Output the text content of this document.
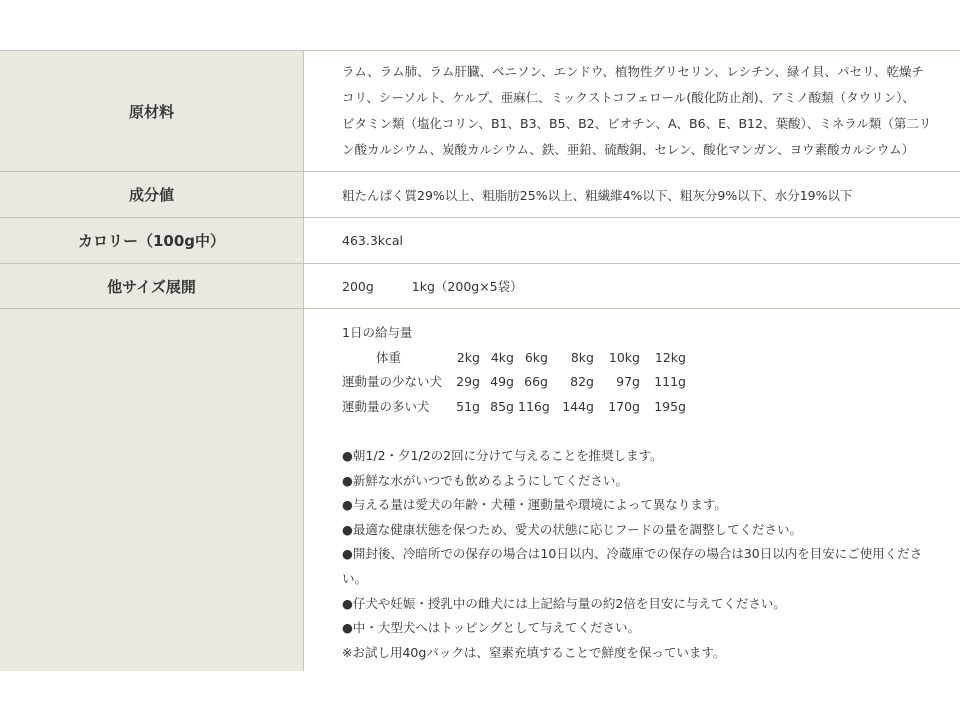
原材料
ラム、ラム肺、ラム肝臓、ベニソン、エンドウ、植物性グリセリン、レシチン、緑イ貝、パセリ、乾燥チ
コリ、シーソルト、ケルプ、亜麻仁、ミックストコフェロール(酸化防止剤)、アミノ酸類（タウリン）、
ビタミン類（塩化コリン、B1、B3、B5、B2、ビオチン、A、B6、E、B12、葉酸）、ミネラル類（第二リ
ン酸カルシウム、炭酸カルシウム、鉄、亜鉛、硫酸銅、セレン、酸化マンガン、ヨウ素酸カルシウム）
成分値	粗たんぱく質29%以上、粗脂肪25%以上、粗繊維4%以下、粗灰分9%以下、水分19%以下
カロリー（100g中）	463.3kcal
他サイズ展開	200g	1kg（200g×5袋）
1日の給与量
体重	2kg 4kg 6kg	8kg	10kg	12kg
運動量の少ない犬	29g 49g 66g	82g	97g	111g
運動量の多い犬	51g 85g 116g 144g	170g	195g
●朝1/2・夕1/2の2回に分けて与えることを推奨します。
●新鮮な水がいつでも飲めるようにしてください。
●与える量は愛犬の年齢・犬種・運動量や環境によって異なります。
●最適な健康状態を保つため、愛犬の状態に応じフードの量を調整してください。
●開封後、冷暗所での保存の場合は10日以内、冷蔵庫での保存の場合は30日以内を目安にご使用くださ
い。
●仔犬や妊娠・授乳中の雌犬には上記給与量の約2倍を目安に与えてください。
●中・大型犬へはトッピングとして与えてください。
※お試し用40gパックは、窒素充填することで鮮度を保っています。
